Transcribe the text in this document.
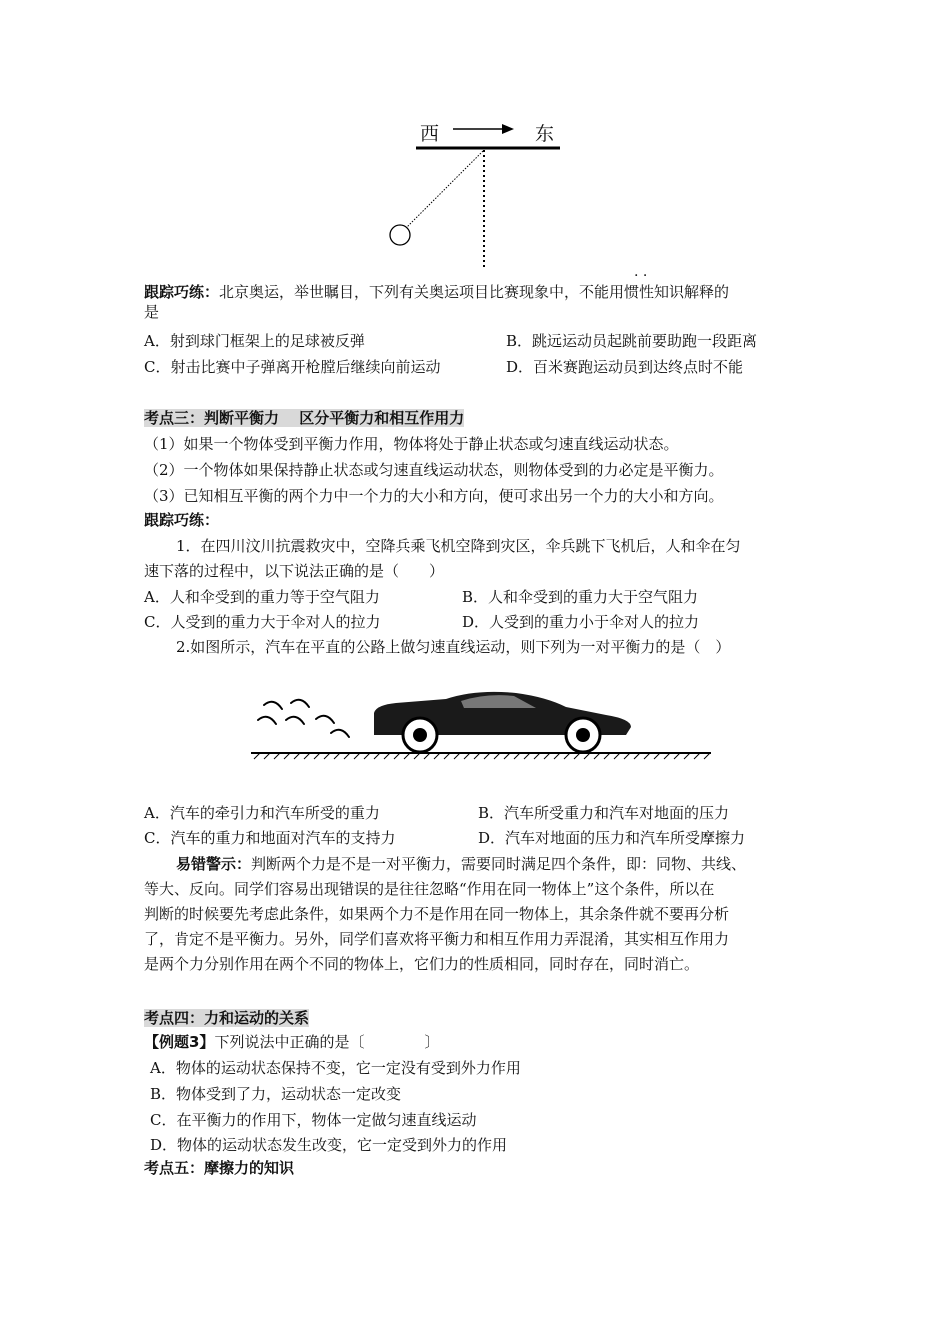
西	东
. .
跟踪巧练：北京奥运，举世瞩目，下列有关奥运项目比赛现象中，不能用惯性知识解释的
是
A．射到球门框架上的足球被反弹	B．跳远运动员起跳前要助跑一段距离
C．射击比赛中子弹离开枪膛后继续向前运动	D．百米赛跑运动员到达终点时不能
考点三：判断平衡力　 区分平衡力和相互作用力
（1）如果一个物体受到平衡力作用，物体将处于静止状态或匀速直线运动状态。
（2）一个物体如果保持静止状态或匀速直线运动状态，则物体受到的力必定是平衡力。
（3）已知相互平衡的两个力中一个力的大小和方向，便可求出另一个力的大小和方向。
跟踪巧练：
1．在四川汶川抗震救灾中，空降兵乘飞机空降到灾区，伞兵跳下飞机后，人和伞在匀
速下落的过程中，以下说法正确的是（　　）
A．人和伞受到的重力等于空气阻力	B．人和伞受到的重力大于空气阻力
C．人受到的重力大于伞对人的拉力	D．人受到的重力小于伞对人的拉力
2.如图所示，汽车在平直的公路上做匀速直线运动，则下列为一对平衡力的是（　）
A．汽车的牵引力和汽车所受的重力	B．汽车所受重力和汽车对地面的压力
C．汽车的重力和地面对汽车的支持力	D．汽车对地面的压力和汽车所受摩擦力
易错警示：判断两个力是不是一对平衡力，需要同时满足四个条件，即：同物、共线、
等大、反向。同学们容易出现错误的是往往忽略“作用在同一物体上”这个条件，所以在
判断的时候要先考虑此条件，如果两个力不是作用在同一物体上，其余条件就不要再分析
了，肯定不是平衡力。另外，同学们喜欢将平衡力和相互作用力弄混淆，其实相互作用力
是两个力分别作用在两个不同的物体上，它们力的性质相同，同时存在，同时消亡。
考点四：力和运动的关系
【例题3】下列说法中正确的是〔　　　　〕
A．物体的运动状态保持不变，它一定没有受到外力作用
B．物体受到了力，运动状态一定改变
C．在平衡力的作用下，物体一定做匀速直线运动
D．物体的运动状态发生改变，它一定受到外力的作用
考点五：摩擦力的知识
